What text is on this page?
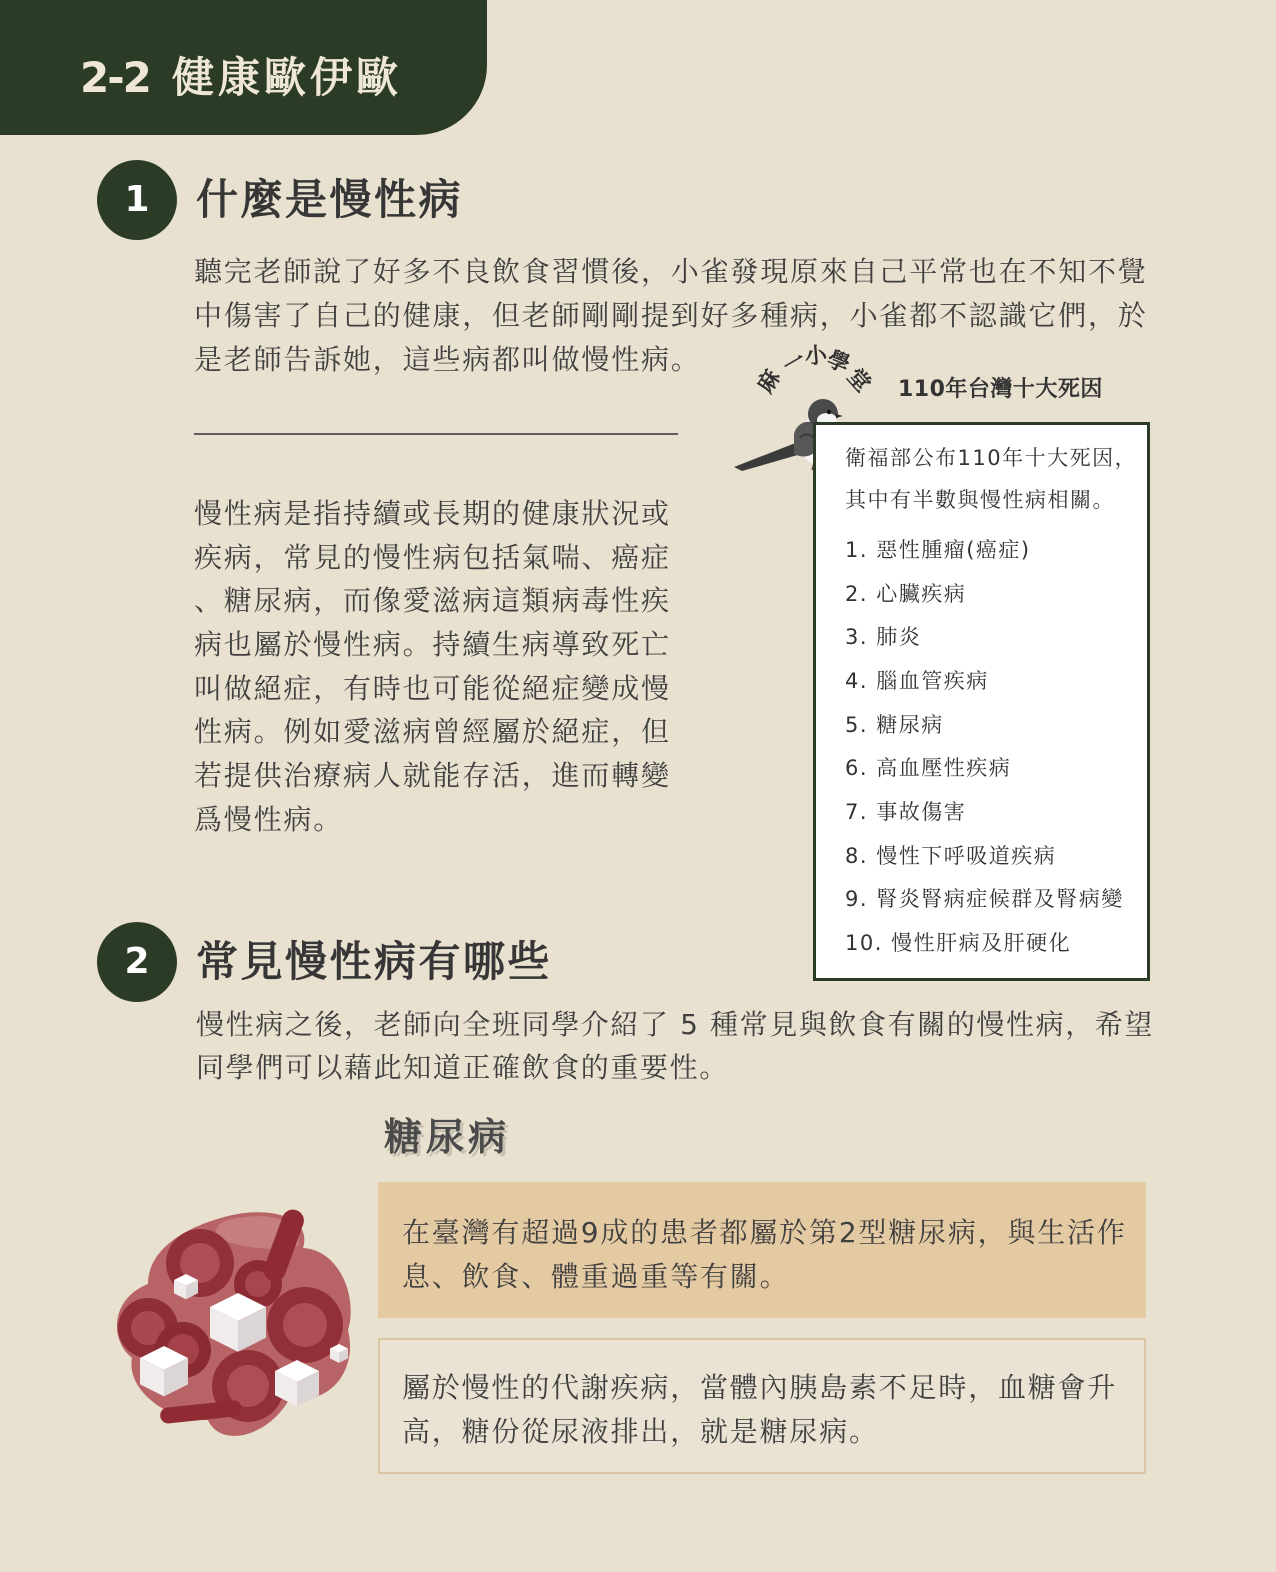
2-2 健康歐伊歐
1	什麼是慢性病
聽完老師說了好多不良飲食習慣後，小雀發現原來自己平常也在不知不覺
中傷害了自己的健康，但老師剛剛提到好多種病，小雀都不認識它們，於
是老師告訴她，這些病都叫做慢性病。
慢性病是指持續或長期的健康狀況或
疾病，常見的慢性病包括氣喘、癌症
、糖尿病，而像愛滋病這類病毒性疾
病也屬於慢性病。持續生病導致死亡
叫做絕症，有時也可能從絕症變成慢
性病。例如愛滋病曾經屬於絕症，但
若提供治療病人就能存活，進而轉變
爲慢性病。
麻
一
小
學
堂 110年台灣十大死因
衛福部公布110年十大死因，
其中有半數與慢性病相關。
1. 惡性腫瘤(癌症)
2. 心臟疾病
3. 肺炎
4. 腦血管疾病
5. 糖尿病
6. 高血壓性疾病
7. 事故傷害
8. 慢性下呼吸道疾病
9. 腎炎腎病症候群及腎病變
10. 慢性肝病及肝硬化
2	常見慢性病有哪些
慢性病之後，老師向全班同學介紹了 5 種常見與飲食有關的慢性病，希望
同學們可以藉此知道正確飲食的重要性。
糖尿病
在臺灣有超過9成的患者都屬於第2型糖尿病，與生活作
息、飲食、體重過重等有關。
屬於慢性的代謝疾病，當體內胰島素不足時，血糖會升
高，糖份從尿液排出，就是糖尿病。
